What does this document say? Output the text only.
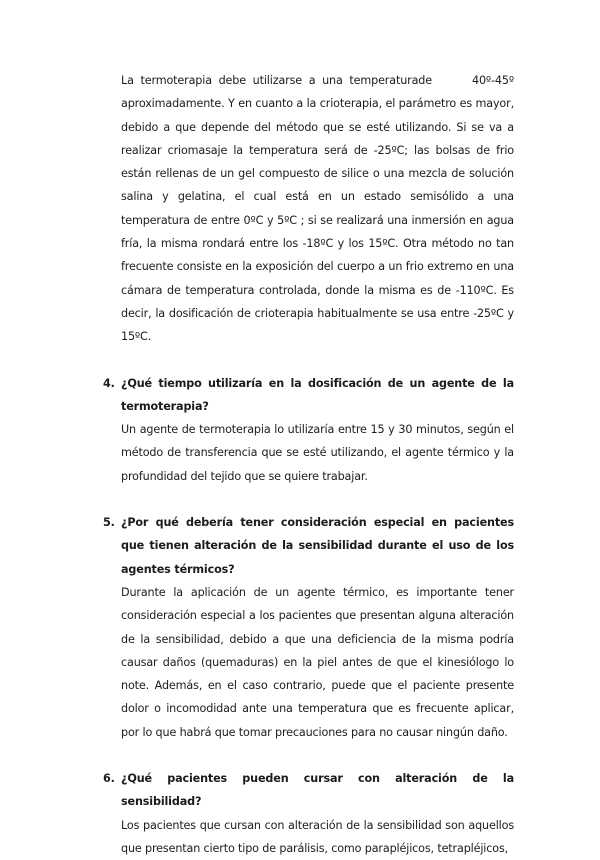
La termoterapia debe utilizarse a una temperaturade	40º-45º aproximadamente. Y en cuanto a la crioterapia, el parámetro es mayor, debido a que depende del método que se esté utilizando. Si se va a realizar criomasaje la temperatura será de -25ºC; las bolsas de frio están rellenas de un gel compuesto de silice o una mezcla de solución salina y gelatina, el cual está en un estado semisólido a una temperatura de entre 0ºC y 5ºC ; si se realizará una inmersión en agua fría, la misma rondará entre los -18ºC y los 15ºC. Otra método no tan frecuente consiste en la exposición del cuerpo a un frio extremo en una cámara de temperatura controlada, donde la misma es de -110ºC. Es decir, la dosificación de crioterapia habitualmente se usa entre -25ºC y 15ºC.

4. ¿Qué tiempo utilizaría en la dosificación de un agente de la termoterapia?

Un agente de termoterapia lo utilizaría entre 15 y 30 minutos, según el método de transferencia que se esté utilizando, el agente térmico y la profundidad del tejido que se quiere trabajar.

5. ¿Por qué debería tener consideración especial en pacientes que tienen alteración de la sensibilidad durante el uso de los agentes térmicos?

Durante la aplicación de un agente térmico, es importante tener consideración especial a los pacientes que presentan alguna alteración de la sensibilidad, debido a que una deficiencia de la misma podría causar daños (quemaduras) en la piel antes de que el kinesiólogo lo note. Además, en el caso contrario, puede que el paciente presente dolor o incomodidad ante una temperatura que es frecuente aplicar, por lo que habrá que tomar precauciones para no causar ningún daño.

6. ¿Qué pacientes pueden cursar con alteración de la sensibilidad?

Los pacientes que cursan con alteración de la sensibilidad son aquellos que presentan cierto tipo de parálisis, como parapléjicos, tetrapléjicos,
